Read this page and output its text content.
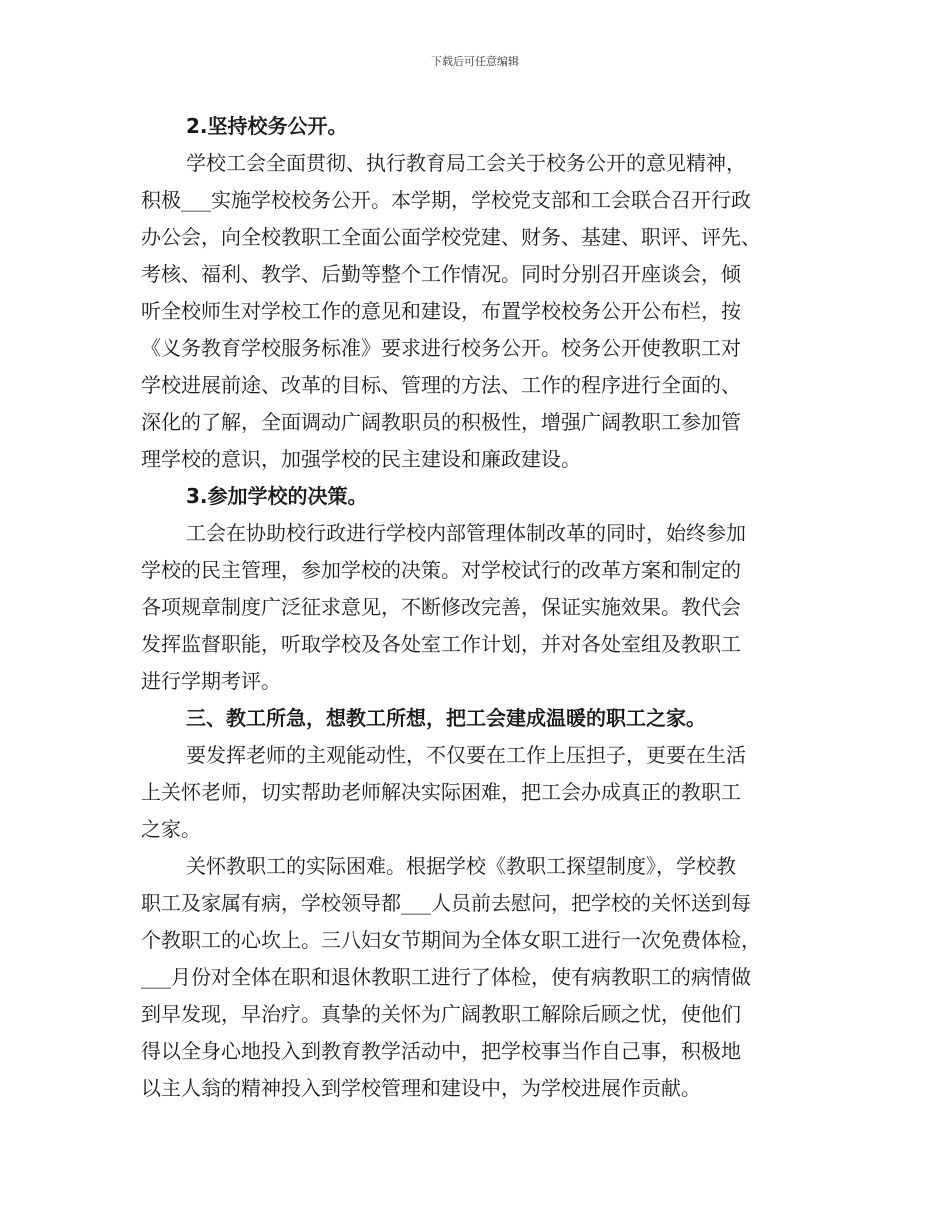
下载后可任意编辑
2.坚持校务公开。
学校工会全面贯彻、执行教育局工会关于校务公开的意见精神，
积极___实施学校校务公开。本学期，学校党支部和工会联合召开行政
办公会，向全校教职工全面公面学校党建、财务、基建、职评、评先、
考核、福利、教学、后勤等整个工作情况。同时分别召开座谈会，倾
听全校师生对学校工作的意见和建设，布置学校校务公开公布栏，按
《义务教育学校服务标准》要求进行校务公开。校务公开使教职工对
学校进展前途、改革的目标、管理的方法、工作的程序进行全面的、
深化的了解，全面调动广阔教职员的积极性，增强广阔教职工参加管
理学校的意识，加强学校的民主建设和廉政建设。
3.参加学校的决策。
工会在协助校行政进行学校内部管理体制改革的同时，始终参加
学校的民主管理，参加学校的决策。对学校试行的改革方案和制定的
各项规章制度广泛征求意见，不断修改完善，保证实施效果。教代会
发挥监督职能，听取学校及各处室工作计划，并对各处室组及教职工
进行学期考评。
三、教工所急，想教工所想，把工会建成温暖的职工之家。
要发挥老师的主观能动性，不仅要在工作上压担子，更要在生活
上关怀老师，切实帮助老师解决实际困难，把工会办成真正的教职工
之家。
关怀教职工的实际困难。根据学校《教职工探望制度》，学校教
职工及家属有病，学校领导都___人员前去慰问，把学校的关怀送到每
个教职工的心坎上。三八妇女节期间为全体女职工进行一次免费体检，
___月份对全体在职和退休教职工进行了体检，使有病教职工的病情做
到早发现，早治疗。真挚的关怀为广阔教职工解除后顾之忧，使他们
得以全身心地投入到教育教学活动中，把学校事当作自己事，积极地
以主人翁的精神投入到学校管理和建设中，为学校进展作贡献。
